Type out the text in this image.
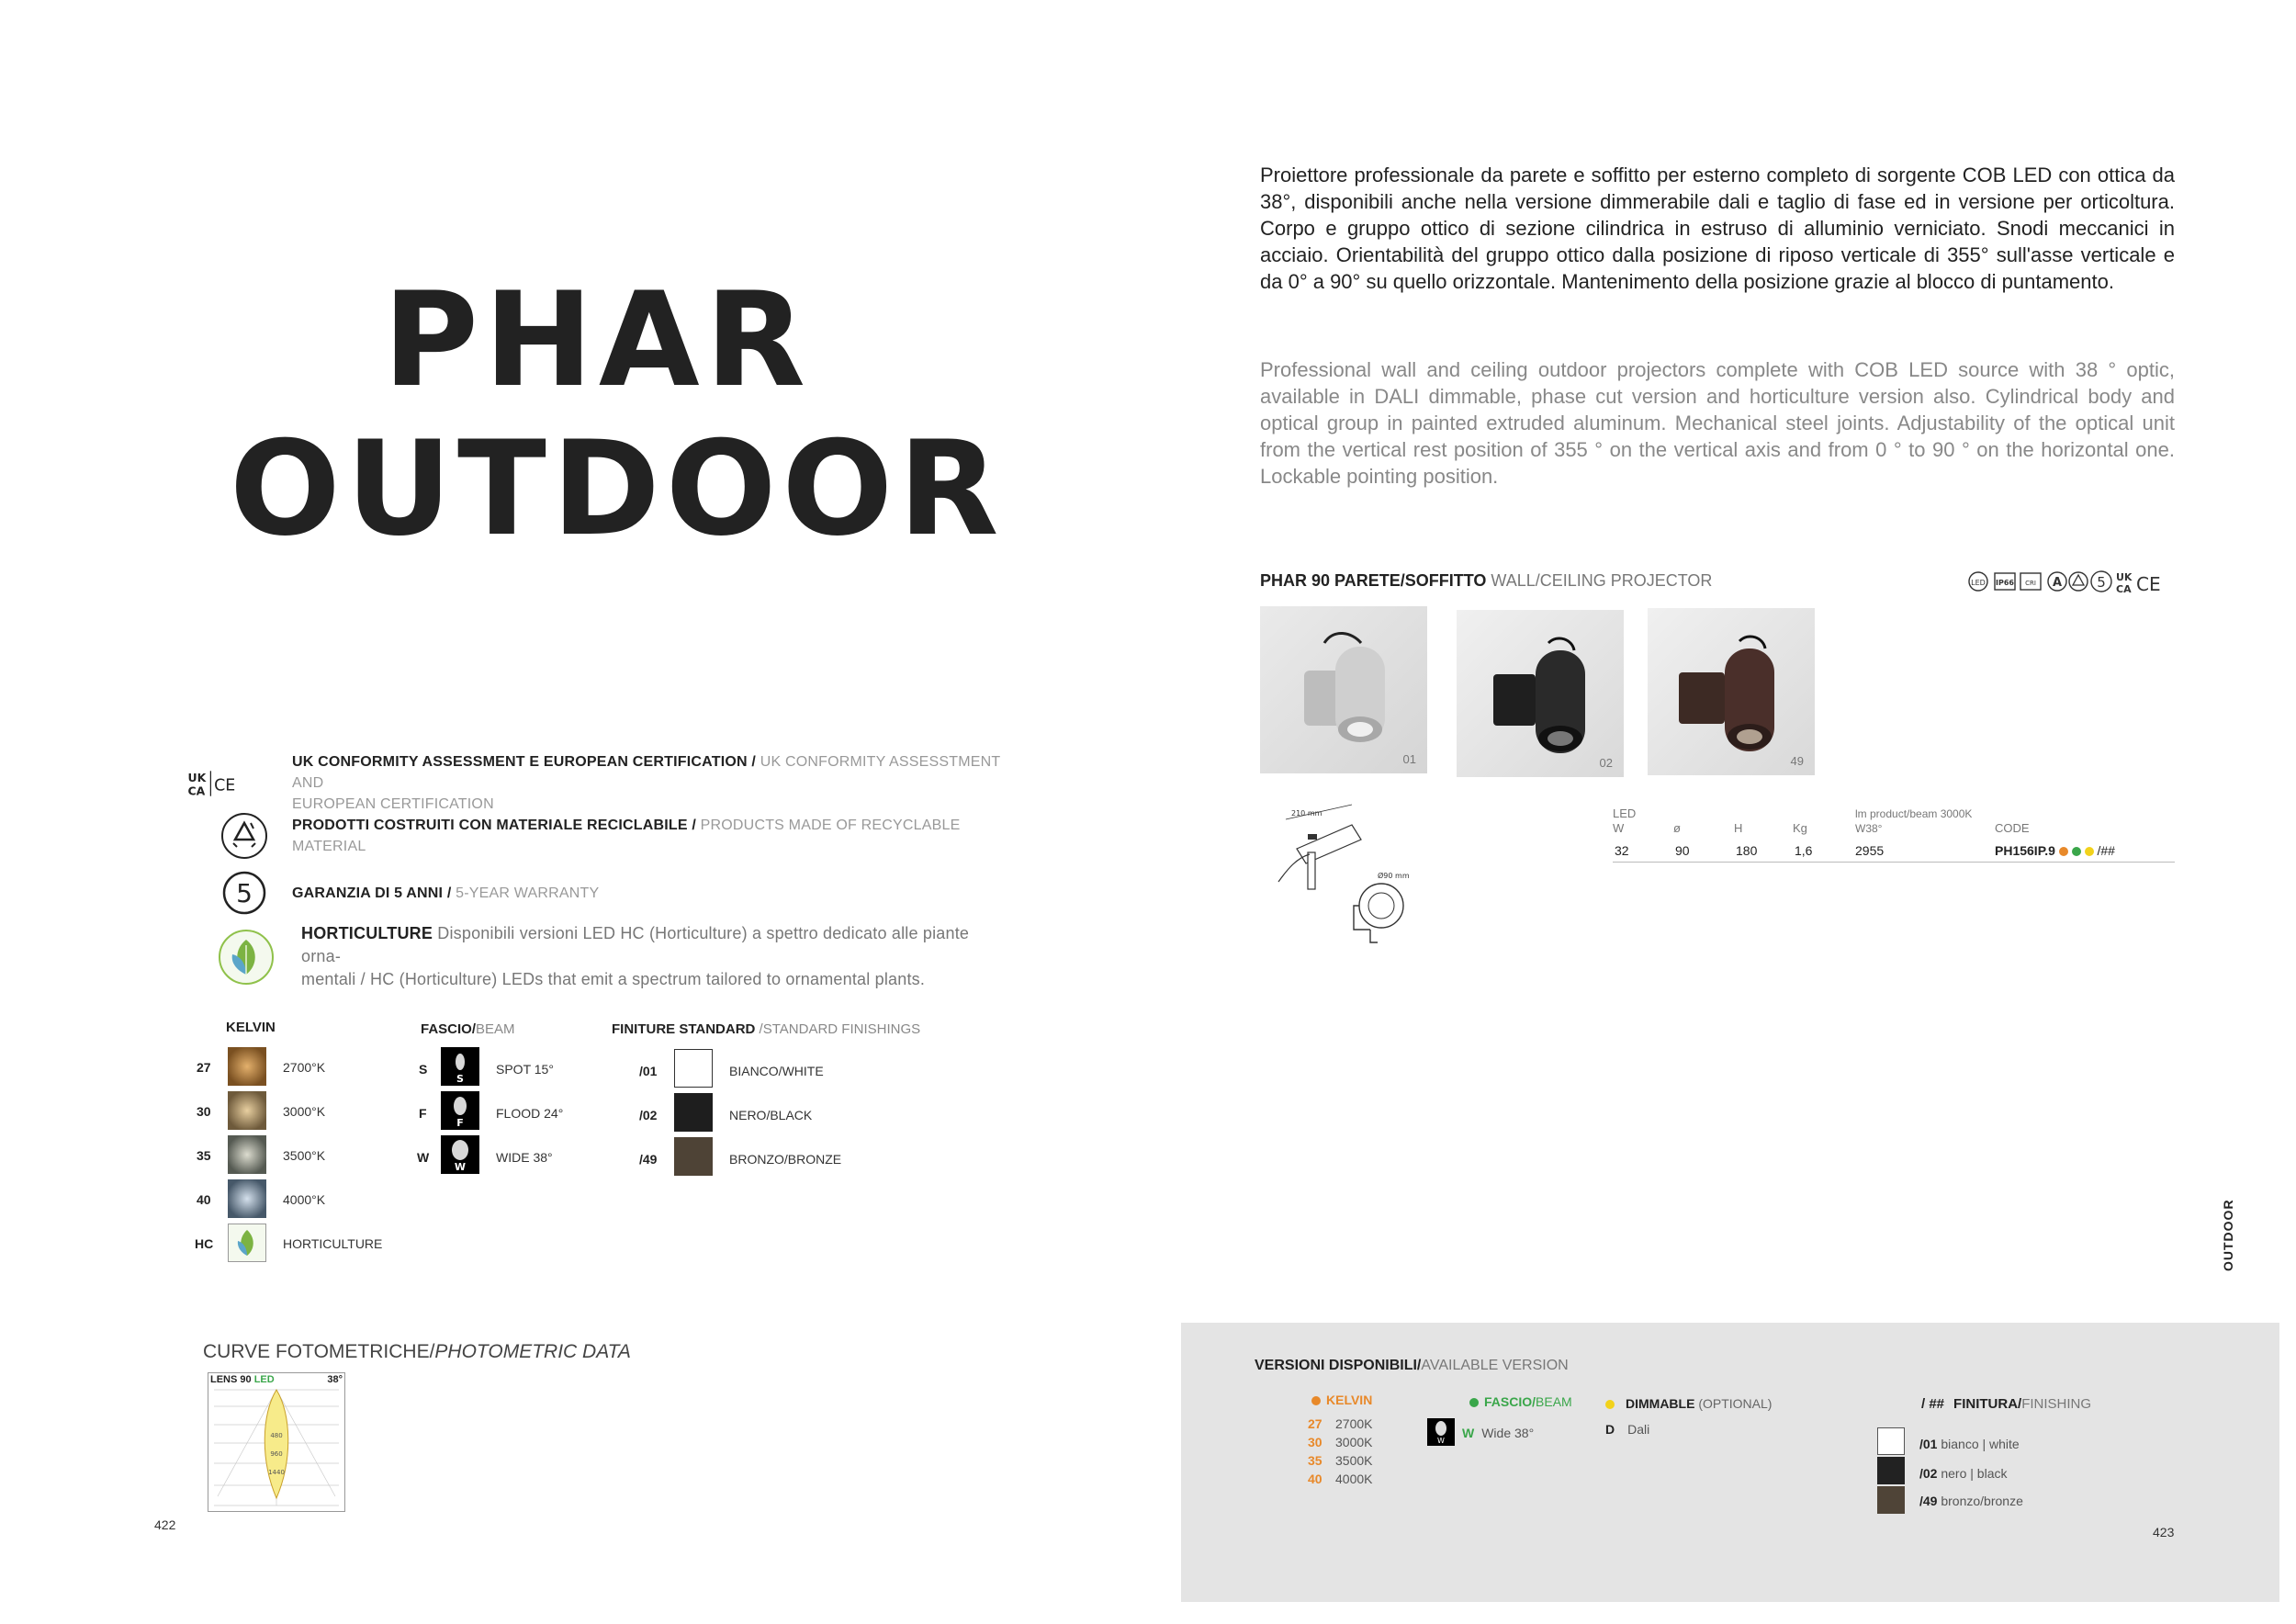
PHAR
OUTDOOR
UK
CA CE
UK CONFORMITY ASSESSMENT E EUROPEAN CERTIFICATION / UK CONFORMITY ASSESSTMENT AND
EUROPEAN CERTIFICATION
PRODOTTI COSTRUITI CON MATERIALE RECICLABILE / PRODUCTS MADE OF RECYCLABLE
MATERIAL
5	GARANZIA DI 5 ANNI / 5-YEAR WARRANTY
HORTICULTURE Disponibili versioni LED HC (Horticulture) a spettro dedicato alle piante orna-
mentali / HC (Horticulture) LEDs that emit a spectrum tailored to ornamental plants.
KELVIN
27	2700°K
30	3000°K
35	3500°K
40	4000°K
HC	HORTICULTURE
FASCIO/BEAM
S
S
SPOT 15°
F
F
FLOOD 24°
W
W
WIDE 38°
FINITURE STANDARD /STANDARD FINISHINGS
/01	BIANCO/WHITE
/02	NERO/BLACK
/49	BRONZO/BRONZE
CURVE FOTOMETRICHE/PHOTOMETRIC DATA
LENS 90 LED	38°
480
960
1440
422
Proiettore professionale da parete e soffitto per esterno completo di sorgente COB LED con ottica da 38°, disponibili anche nella versione dimmerabile dali e taglio di fase ed in versione per orticoltura. Corpo e gruppo ottico di sezione cilindrica in estruso di alluminio verniciato. Snodi meccanici in acciaio. Orientabilità del gruppo ottico dalla posizione di riposo verticale di 355° sull'asse verticale e da 0° a 90° su quello orizzontale. Mantenimento della posizione grazie al blocco di puntamento.
Professional wall and ceiling outdoor projectors complete with COB LED source with 38 ° optic, available in DALI dimmable, phase cut version and horticulture version also. Cylindrical body and optical group in painted extruded aluminum. Mechanical steel joints. Adjustability of the optical unit from the vertical rest position of 355 ° on the vertical axis and from 0 ° to 90 ° on the horizontal one. Lockable pointing position.
PHAR 90 PARETE/SOFFITTO WALL/CEILING PROJECTOR	LED IP66 CRI A	5 UK
CA CE
01	02	49
210 mm
Ø90 mm
LED
W	ø	H	Kg
lm product/beam 3000K
W38°	CODE
32	90	180	1,6	2955	PH156IP.9	/##
OUTDOOR
VERSIONI DISPONIBILI/AVAILABLE VERSION
KELVIN
27 2700K
30 3000K
35 3500K
40 4000K
FASCIO/BEAM
W
W Wide 38°
DIMMABLE (OPTIONAL)
D Dali
/ ## FINITURA/FINISHING
/01 bianco | white
/02 nero | black
/49 bronzo/bronze
423
